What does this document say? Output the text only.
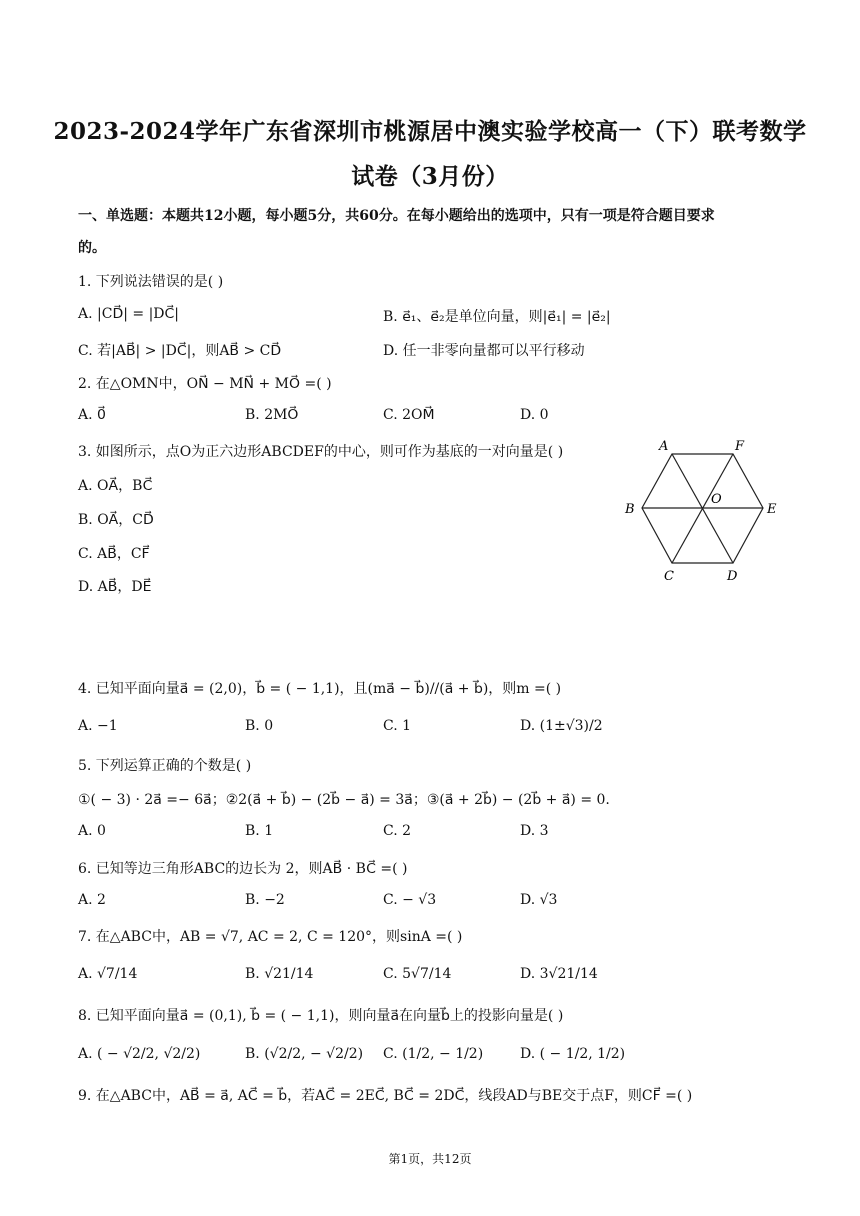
2023-2024学年广东省深圳市桃源居中澳实验学校高一（下）联考数学
试卷（3月份）
一、单选题：本题共12小题，每小题5分，共60分。在每小题给出的选项中，只有一项是符合题目要求
的。
1. 下列说法错误的是( )
A. |CD⃗| = |DC⃗|	B. e⃗₁、e⃗₂是单位向量，则|e⃗₁| = |e⃗₂|
C. 若|AB⃗| > |DC⃗|，则AB⃗ > CD⃗	D. 任一非零向量都可以平行移动
2. 在△OMN中，ON⃗ − MN⃗ + MO⃗ =( )
A. 0⃗	B. 2MO⃗	C. 2OM⃗	D. 0
3. 如图所示，点O为正六边形ABCDEF的中心，则可作为基底的一对向量是( )
A. OA⃗，BC⃗
B. OA⃗，CD⃗
C. AB⃗，CF⃗
D. AB⃗，DE⃗
A	F
B
O
E
C	D
4. 已知平面向量a⃗ = (2,0)，b⃗ = ( − 1,1)，且(ma⃗ − b⃗)//(a⃗ + b⃗)，则m =( )
A. −1	B. 0	C. 1	D. (1±√3)/2
5. 下列运算正确的个数是( )
①( − 3) · 2a⃗ =− 6a⃗；②2(a⃗ + b⃗) − (2b⃗ − a⃗) = 3a⃗；③(a⃗ + 2b⃗) − (2b⃗ + a⃗) = 0.
A. 0	B. 1	C. 2	D. 3
6. 已知等边三角形ABC的边长为 2，则AB⃗ · BC⃗ =( )
A. 2	B. −2	C. − √3	D. √3
7. 在△ABC中，AB = √7, AC = 2, C = 120°，则sinA =( )
A. √7/14	B. √21/14	C. 5√7/14	D. 3√21/14
8. 已知平面向量a⃗ = (0,1), b⃗ = ( − 1,1)，则向量a⃗在向量b⃗上的投影向量是( )
A. ( − √2/2, √2/2)	B. (√2/2, − √2/2) C. (1/2, − 1/2)	D. ( − 1/2, 1/2)
9. 在△ABC中，AB⃗ = a⃗, AC⃗ = b⃗，若AC⃗ = 2EC⃗, BC⃗ = 2DC⃗，线段AD与BE交于点F，则CF⃗ =( )
第1页，共12页
